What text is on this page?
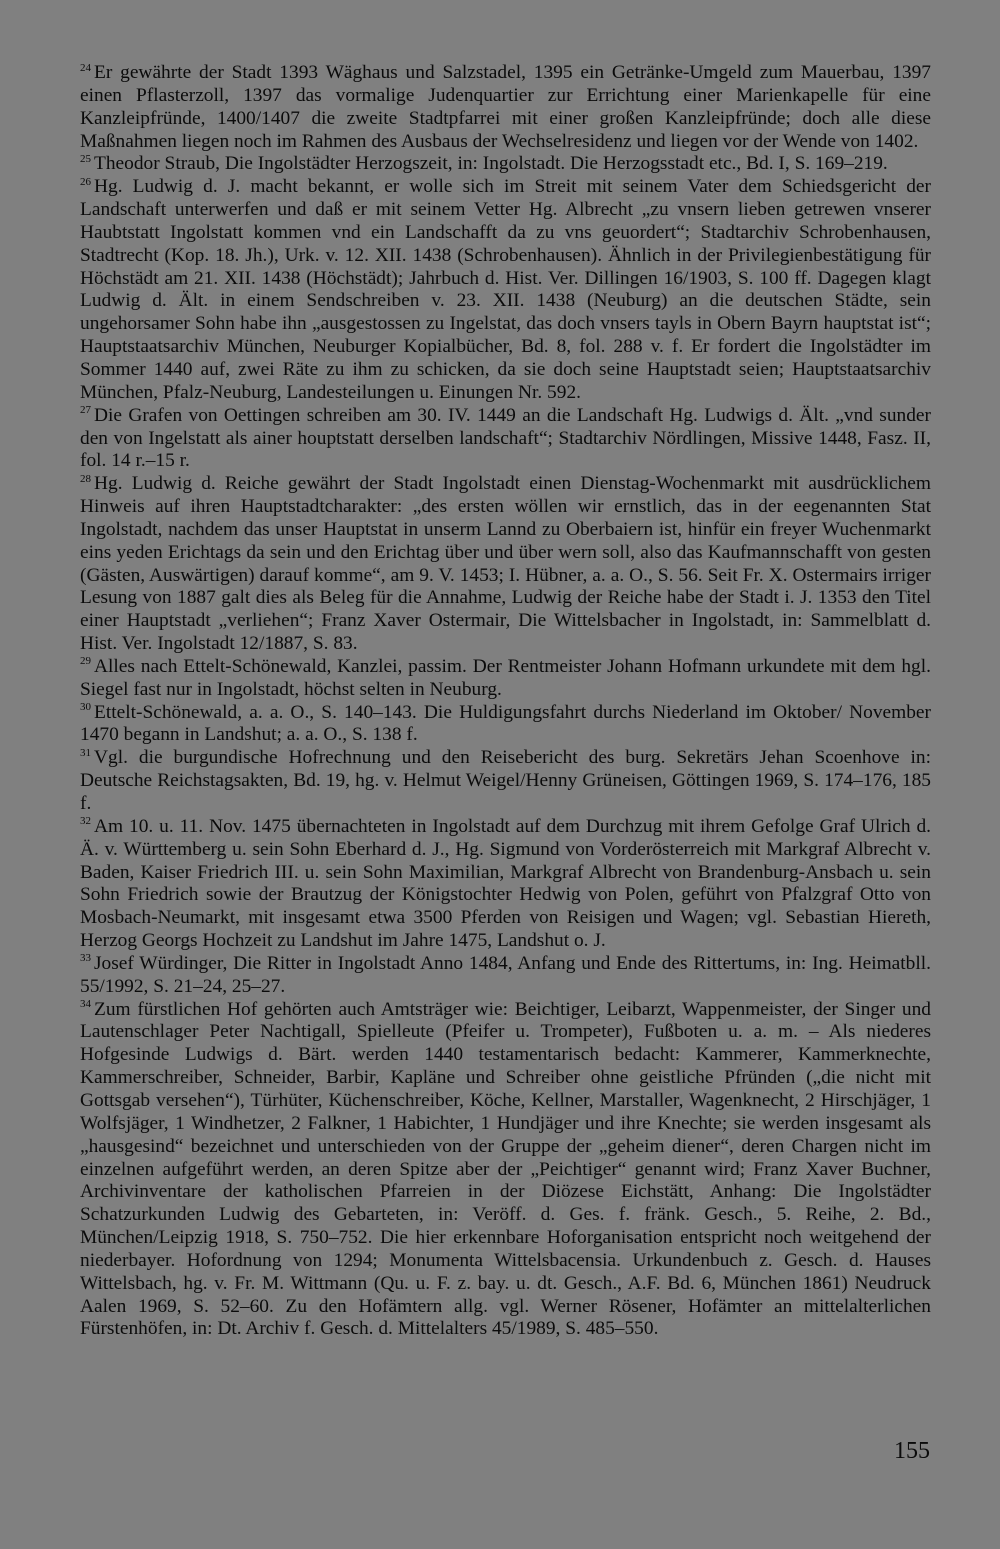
$^{24}$ Er gewährte der Stadt 1393 Wäghaus und Salzstadel, 1395 ein Getränke-Umgeld zum Mauerbau, 1397 einen Pflasterzoll, 1397 das vormalige Judenquartier zur Errichtung einer Marienkapelle für eine Kanzleipfründe, 1400/1407 die zweite Stadtpfarrei mit einer großen Kanzleipfründe; doch alle diese Maßnahmen liegen noch im Rahmen des Ausbaus der Wechselresidenz und liegen vor der Wende von 1402.

$^{25}$ Theodor Straub, Die Ingolstädter Herzogszeit, in: Ingolstadt. Die Herzogsstadt etc., Bd. I, S. 169–219.

$^{26}$ Hg. Ludwig d. J. macht bekannt, er wolle sich im Streit mit seinem Vater dem Schiedsgericht der Landschaft unterwerfen und daß er mit seinem Vetter Hg. Albrecht „zu vnsern lieben getrewen vnserer Haubtstatt Ingolstatt kommen vnd ein Landschafft da zu vns geuordert“; Stadtarchiv Schrobenhausen, Stadtrecht (Kop. 18. Jh.), Urk. v. 12. XII. 1438 (Schrobenhausen). Ähnlich in der Privilegienbestätigung für Höchstädt am 21. XII. 1438 (Höchstädt); Jahrbuch d. Hist. Ver. Dillingen 16/1903, S. 100 ff. Dagegen klagt Ludwig d. Ält. in einem Sendschreiben v. 23. XII. 1438 (Neuburg) an die deutschen Städte, sein ungehorsamer Sohn habe ihn „ausgestossen zu Ingelstat, das doch vnsers tayls in Obern Bayrn hauptstat ist“; Hauptstaatsarchiv München, Neuburger Kopialbücher, Bd. 8, fol. 288 v. f. Er fordert die Ingolstädter im Sommer 1440 auf, zwei Räte zu ihm zu schicken, da sie doch seine Hauptstadt seien; Hauptstaatsarchiv München, Pfalz-Neuburg, Landesteilungen u. Einungen Nr. 592.

$^{27}$ Die Grafen von Oettingen schreiben am 30. IV. 1449 an die Landschaft Hg. Ludwigs d. Ält. „vnd sunder den von Ingelstatt als ainer houptstatt derselben landschaft“; Stadtarchiv Nördlingen, Missive 1448, Fasz. II, fol. 14 r.–15 r.

$^{28}$ Hg. Ludwig d. Reiche gewährt der Stadt Ingolstadt einen Dienstag-Wochenmarkt mit ausdrücklichem Hinweis auf ihren Hauptstadtcharakter: „des ersten wöllen wir ernstlich, das in der eegenannten Stat Ingolstadt, nachdem das unser Hauptstat in unserm Lannd zu Oberbaiern ist, hinfür ein freyer Wuchenmarkt eins yeden Erichtags da sein und den Erichtag über und über wern soll, also das Kaufmannschafft von gesten (Gästen, Auswärtigen) darauf komme“, am 9. V. 1453; I. Hübner, a. a. O., S. 56. Seit Fr. X. Ostermairs irriger Lesung von 1887 galt dies als Beleg für die Annahme, Ludwig der Reiche habe der Stadt i. J. 1353 den Titel einer Hauptstadt „verliehen“; Franz Xaver Ostermair, Die Wittelsbacher in Ingolstadt, in: Sammelblatt d. Hist. Ver. Ingolstadt 12/1887, S. 83.

$^{29}$ Alles nach Ettelt-Schönewald, Kanzlei, passim. Der Rentmeister Johann Hofmann urkundete mit dem hgl. Siegel fast nur in Ingolstadt, höchst selten in Neuburg.

$^{30}$ Ettelt-Schönewald, a. a. O., S. 140–143. Die Huldigungsfahrt durchs Niederland im Oktober/ November 1470 begann in Landshut; a. a. O., S. 138 f.

$^{31}$ Vgl. die burgundische Hofrechnung und den Reisebericht des burg. Sekretärs Jehan Scoenhove in: Deutsche Reichstagsakten, Bd. 19, hg. v. Helmut Weigel/Henny Grüneisen, Göttingen 1969, S. 174–176, 185 f.

$^{32}$ Am 10. u. 11. Nov. 1475 übernachteten in Ingolstadt auf dem Durchzug mit ihrem Gefolge Graf Ulrich d. Ä. v. Württemberg u. sein Sohn Eberhard d. J., Hg. Sigmund von Vorderösterreich mit Markgraf Albrecht v. Baden, Kaiser Friedrich III. u. sein Sohn Maximilian, Markgraf Albrecht von Brandenburg-Ansbach u. sein Sohn Friedrich sowie der Brautzug der Königstochter Hedwig von Polen, geführt von Pfalzgraf Otto von Mosbach-Neumarkt, mit insgesamt etwa 3500 Pferden von Reisigen und Wagen; vgl. Sebastian Hiereth, Herzog Georgs Hochzeit zu Landshut im Jahre 1475, Landshut o. J.

$^{33}$ Josef Würdinger, Die Ritter in Ingolstadt Anno 1484, Anfang und Ende des Rittertums, in: Ing. Heimatbll. 55/1992, S. 21–24, 25–27.

$^{34}$ Zum fürstlichen Hof gehörten auch Amtsträger wie: Beichtiger, Leibarzt, Wappenmeister, der Singer und Lautenschlager Peter Nachtigall, Spielleute (Pfeifer u. Trompeter), Fußboten u. a. m. – Als niederes Hofgesinde Ludwigs d. Bärt. werden 1440 testamentarisch bedacht: Kammerer, Kammerknechte, Kammerschreiber, Schneider, Barbir, Kapläne und Schreiber ohne geistliche Pfründen („die nicht mit Gottsgab versehen“), Türhüter, Küchenschreiber, Köche, Kellner, Marstaller, Wagenknecht, 2 Hirschjäger, 1 Wolfsjäger, 1 Windhetzer, 2 Falkner, 1 Habichter, 1 Hundjäger und ihre Knechte; sie werden insgesamt als „hausgesind“ bezeichnet und unterschieden von der Gruppe der „geheim diener“, deren Chargen nicht im einzelnen aufgeführt werden, an deren Spitze aber der „Peichtiger“ genannt wird; Franz Xaver Buchner, Archivinventare der katholischen Pfarreien in der Diözese Eichstätt, Anhang: Die Ingolstädter Schatzurkunden Ludwig des Gebarteten, in: Veröff. d. Ges. f. fränk. Gesch., 5. Reihe, 2. Bd., München/Leipzig 1918, S. 750–752. Die hier erkennbare Hoforganisation entspricht noch weitgehend der niederbayer. Hofordnung von 1294; Monumenta Wittelsbacensia. Urkundenbuch z. Gesch. d. Hauses Wittelsbach, hg. v. Fr. M. Wittmann (Qu. u. F. z. bay. u. dt. Gesch., A.F. Bd. 6, München 1861) Neudruck Aalen 1969, S. 52–60. Zu den Hofämtern allg. vgl. Werner Rösener, Hofämter an mittelalterlichen Fürstenhöfen, in: Dt. Archiv f. Gesch. d. Mittelalters 45/1989, S. 485–550.

155
